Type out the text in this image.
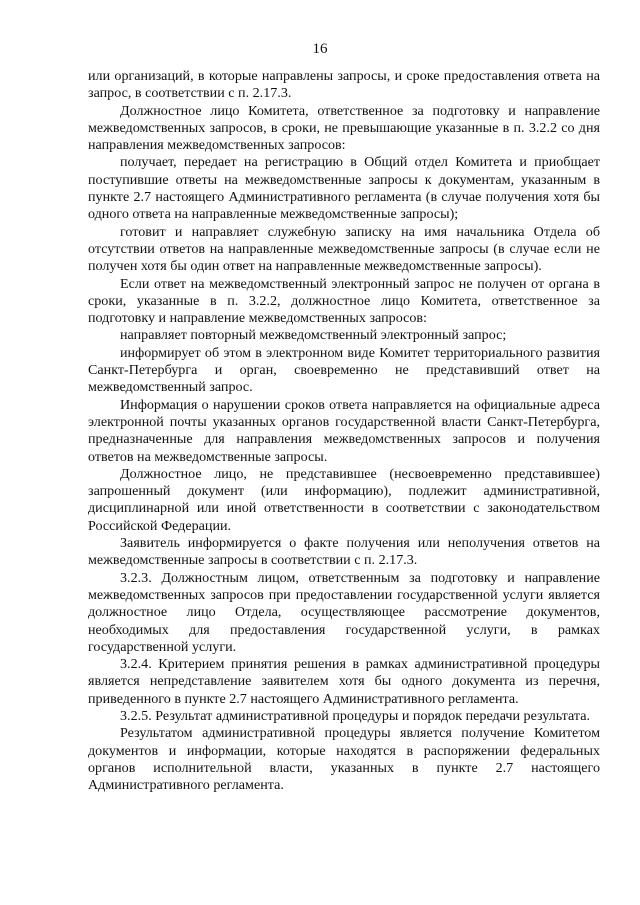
16

или организаций, в которые направлены запросы, и сроке предоставления ответа на запрос, в соответствии с п. 2.17.3.

Должностное лицо Комитета, ответственное за подготовку и направление межведомственных запросов, в сроки, не превышающие указанные в п. 3.2.2 со дня направления межведомственных запросов:

получает, передает на регистрацию в Общий отдел Комитета и приобщает поступившие ответы на межведомственные запросы к документам, указанным в пункте 2.7 настоящего Административного регламента (в случае получения хотя бы одного ответа на направленные межведомственные запросы);

готовит и направляет служебную записку на имя начальника Отдела об отсутствии ответов на направленные межведомственные запросы (в случае если не получен хотя бы один ответ на направленные межведомственные запросы).

Если ответ на межведомственный электронный запрос не получен от органа в сроки, указанные в п. 3.2.2, должностное лицо Комитета, ответственное за подготовку и направление межведомственных запросов:

направляет повторный межведомственный электронный запрос;

информирует об этом в электронном виде Комитет территориального развития Санкт-Петербурга и орган, своевременно не представивший ответ на межведомственный запрос.

Информация о нарушении сроков ответа направляется на официальные адреса электронной почты указанных органов государственной власти Санкт-Петербурга, предназначенные для направления межведомственных запросов и получения ответов на межведомственные запросы.

Должностное лицо, не представившее (несвоевременно представившее) запрошенный документ (или информацию), подлежит административной, дисциплинарной или иной ответственности в соответствии с законодательством Российской Федерации.

Заявитель информируется о факте получения или неполучения ответов на межведомственные запросы в соответствии с п. 2.17.3.

3.2.3. Должностным лицом, ответственным за подготовку и направление межведомственных запросов при предоставлении государственной услуги является должностное лицо Отдела, осуществляющее рассмотрение документов, необходимых для предоставления государственной услуги, в рамках государственной услуги.

3.2.4. Критерием принятия решения в рамках административной процедуры является непредставление заявителем хотя бы одного документа из перечня, приведенного в пункте 2.7 настоящего Административного регламента.

3.2.5. Результат административной процедуры и порядок передачи результата.

Результатом административной процедуры является получение Комитетом документов и информации, которые находятся в распоряжении федеральных органов исполнительной власти, указанных в пункте 2.7 настоящего Административного регламента.
